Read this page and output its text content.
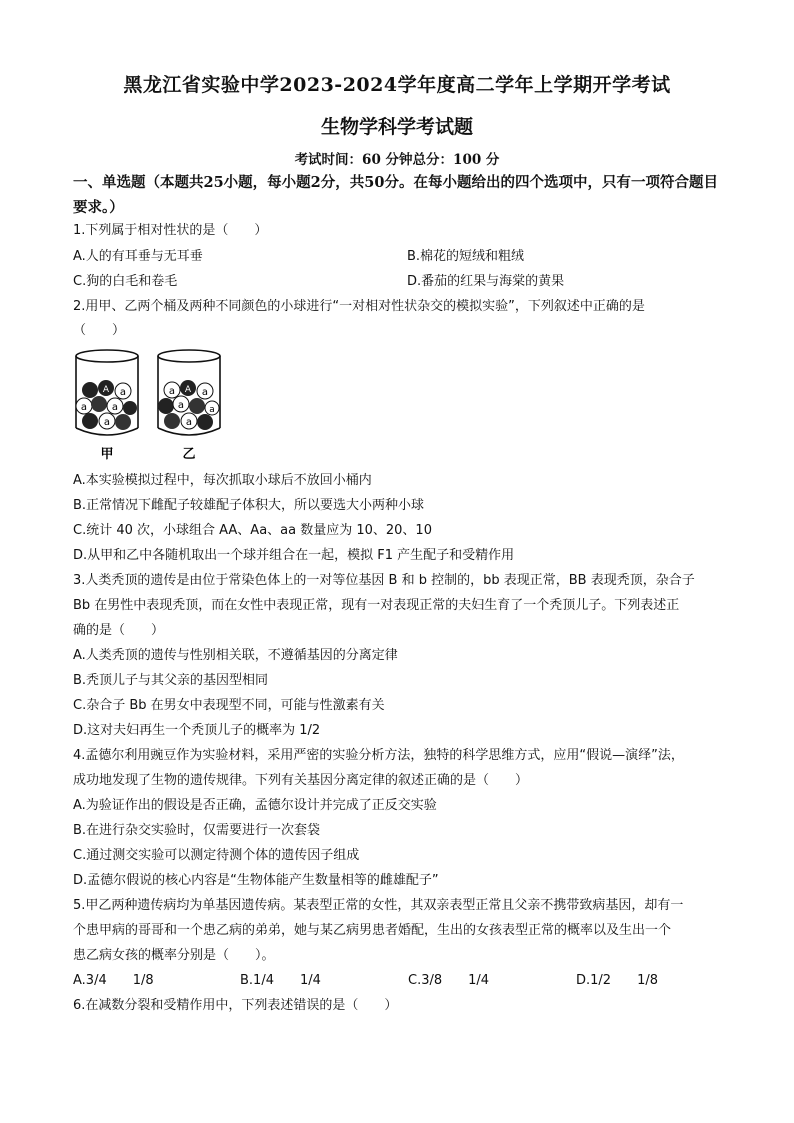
黑龙江省实验中学2023-2024学年度高二学年上学期开学考试
生物学科学考试题
考试时间：60 分钟总分：100 分
一、单选题（本题共25小题，每小题2分，共50分。在每小题给出的四个选项中，只有一项符合题目要求。）
1.下列属于相对性状的是（　　）
A.人的有耳垂与无耳垂	B.棉花的短绒和粗绒
C.狗的白毛和卷毛	D.番茄的红果与海棠的黄果
2.用甲、乙两个桶及两种不同颜色的小球进行“一对相对性状杂交的模拟实验”，下列叙述中正确的是
（　　）
a
a a
a
A	a	a
a	a
a
A
甲	乙
A.本实验模拟过程中，每次抓取小球后不放回小桶内
B.正常情况下雌配子较雄配子体积大，所以要选大小两种小球
C.统计 40 次，小球组合 AA、Aa、aa 数量应为 10、20、10
D.从甲和乙中各随机取出一个球并组合在一起，模拟 F1 产生配子和受精作用
3.人类秃顶的遗传是由位于常染色体上的一对等位基因 B 和 b 控制的，bb 表现正常，BB 表现秃顶，杂合子
Bb 在男性中表现秃顶，而在女性中表现正常，现有一对表现正常的夫妇生育了一个秃顶儿子。下列表述正
确的是（　　）
A.人类秃顶的遗传与性别相关联，不遵循基因的分离定律
B.秃顶儿子与其父亲的基因型相同
C.杂合子 Bb 在男女中表现型不同，可能与性激素有关
D.这对夫妇再生一个秃顶儿子的概率为 1/2
4.孟德尔利用豌豆作为实验材料，采用严密的实验分析方法，独特的科学思维方式，应用“假说—演绎”法，
成功地发现了生物的遗传规律。下列有关基因分离定律的叙述正确的是（　　）
A.为验证作出的假设是否正确，孟德尔设计并完成了正反交实验
B.在进行杂交实验时，仅需要进行一次套袋
C.通过测交实验可以测定待测个体的遗传因子组成
D.孟德尔假说的核心内容是“生物体能产生数量相等的雌雄配子”
5.甲乙两种遗传病均为单基因遗传病。某表型正常的女性，其双亲表型正常且父亲不携带致病基因，却有一
个患甲病的哥哥和一个患乙病的弟弟，她与某乙病男患者婚配，生出的女孩表型正常的概率以及生出一个
患乙病女孩的概率分别是（　　）。
A.3/4　　1/8	B.1/4　　1/4	C.3/8　　1/4	D.1/2　　1/8
6.在减数分裂和受精作用中，下列表述错误的是（　　）
